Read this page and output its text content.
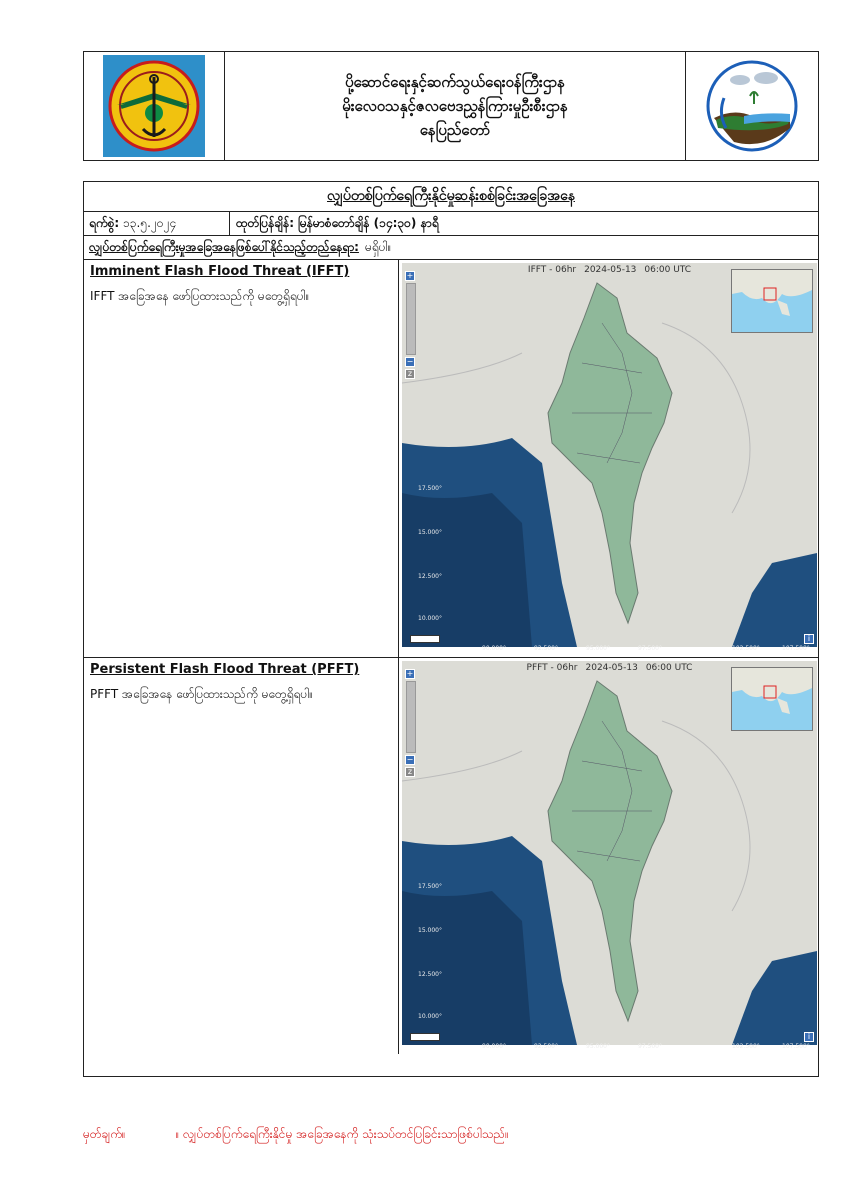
ပို့ဆောင်ရေးနှင့်ဆက်သွယ်ရေးဝန်ကြီးဌာန
မိုးလေဝသနှင့်ဇလဗေဒညွှန်ကြားမှုဦးစီးဌာန
နေပြည်တော်
လျှပ်တစ်ပြက်ရေကြီးနိုင်မှုဆန်းစစ်ခြင်းအခြေအနေ
ရက်စွဲ:
၁၃.၅.၂၀၂၄	ထုတ်ပြန်ချိန်: မြန်မာစံတော်ချိန် (၁၄:၃၀) နာရီ
လျှပ်တစ်ပြက်ရေကြီးမှုအခြေအနေဖြစ်ပေါ်နိုင်သည့်တည်နေရာ: မရှိပါ။
Imminent Flash Flood Threat (IFFT)
IFFT အခြေအနေ ဖော်ပြထားသည်ကို မတွေ့ရှိရပါ။
IFFT - 06hr 2024-05-13 06:00 UTC
+
−
z
i
90.000°	92.500°	95.000°	97.500°	102.500°	107.500°
17.500°
15.000°
12.500°
10.000°
Persistent Flash Flood Threat (PFFT)
PFFT အခြေအနေ ဖော်ပြထားသည်ကို မတွေ့ရှိရပါ။
PFFT - 06hr 2024-05-13 06:00 UTC
+
−
z
i
90.000°	92.500°	95.000°	97.500°	102.500°	107.500°
17.500°
15.000°
12.500°
10.000°
မှတ်ချက်။	။ လျှပ်တစ်ပြက်ရေကြီးနိုင်မှု အခြေအနေကို သုံးသပ်တင်ပြခြင်းသာဖြစ်ပါသည်။
